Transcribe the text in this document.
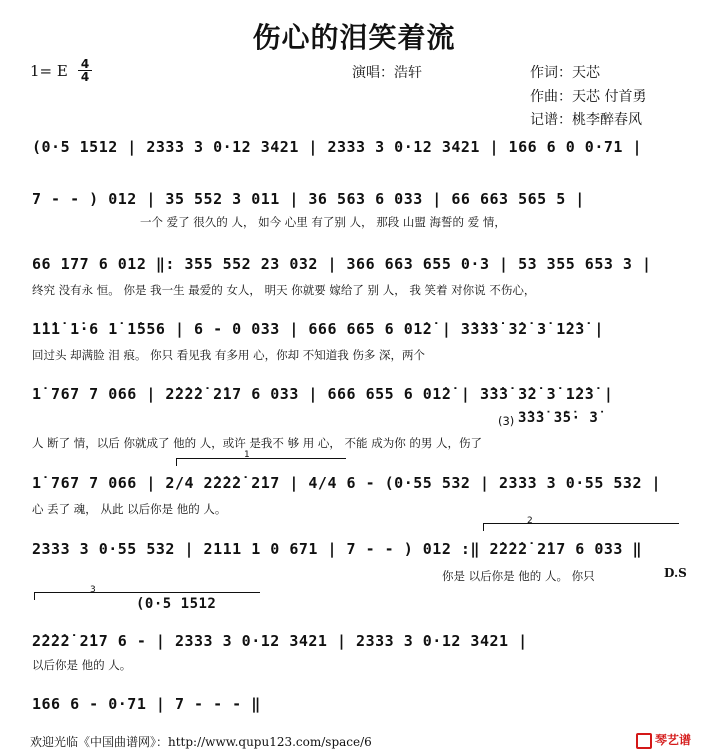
伤心的泪笑着流
1= E 4
4	演唱：浩轩	作词：天芯
作曲：天芯 付首勇
记谱：桃李醉春风
(0·5 1512 | 2333 3 0·12 3421 | 2333 3 0·12 3421 | 166 6 0 0·71 |
7 - - ) 012 | 35 552 3 011 | 36 563 6 033 | 66 663 565 5 |
一个 爱了 很久的 人， 如今 心里 有了别 人， 那段 山盟 海誓的 爱 情，
66 177 6 012 ‖: 355 552 23 032 | 366 663 655 0·3 | 53 355 653 3 |
终究 没有永 恒。 你是 我一生 最爱的 女人， 明天 你就要 嫁给了 别 人， 我 笑着 对你说 不伤心，
1̇1̇1̇ 1̇·6 1̇ 1̇556 | 6 - 0 033 | 666 665 6 01̇2̇ | 3̇3̇3̇3̇ 3̇2̇ 3̇ 1̇2̇3̇ |
回过头 却满脸 泪 痕。 你只 看见我 有多用 心，你却 不知道我 伤多 深，两个
1̇ 767 7 066 | 2̇2̇2̇2̇ 2̇17 6 033 | 666 655 6 01̇2̇ | 3̇3̇3̇ 3̇2̇ 3̇ 1̇2̇3̇ |
(3) 3̇3̇3̇ 3̇5̇· 3̇
人 断了 情，以后 你就成了 他的 人，或许 是我不 够 用 心， 不能 成为你 的男 人，伤了
1
1̇ 767 7 066 | 2/4 2̇2̇2̇2̇ 2̇17 | 4/4 6 - (0·55 532 | 2333 3 0·55 532 |
心 丢了 魂， 从此 以后你是 他的 人。
2
2333 3 0·55 532 | 2111 1 0 671 | 7 - - ) 012 :‖ 2̇2̇2̇2̇ 2̇17 6 033 ‖
你是 以后你是 他的 人。 你只	D.S
3
(0·5 1512
2̇2̇2̇2̇ 2̇17 6 - | 2333 3 0·12 3421 | 2333 3 0·12 3421 |
以后你是 他的 人。
166 6 - 0·71 | 7 - - - ‖
欢迎光临《中国曲谱网》：http://www.qupu123.com/space/6	琴艺谱
